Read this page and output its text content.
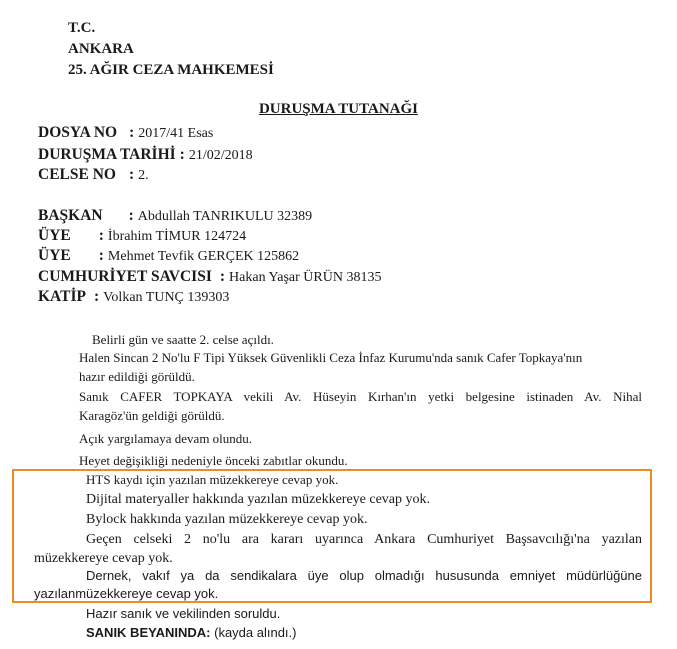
T.C.
ANKARA
25. AĞIR CEZA MAHKEMESİ
DURUŞMA TUTANAĞI
DOSYA NO : 2017/41 Esas
DURUŞMA TARİHİ : 21/02/2018
CELSE NO : 2.
BAŞKAN : Abdullah TANRIKULU 32389
ÜYE : İbrahim TİMUR 124724
ÜYE : Mehmet Tevfik GERÇEK 125862
CUMHURİYET SAVCISI : Hakan Yaşar ÜRÜN 38135
KATİP : Volkan TUNÇ 139303
Belirli gün ve saatte 2. celse açıldı.
Halen Sincan 2 No'lu F Tipi Yüksek Güvenlikli Ceza İnfaz Kurumu'nda sanık Cafer Topkaya'nın
hazır edildiği görüldü.
Sanık CAFER TOPKAYA vekili Av. Hüseyin Kırhan'ın yetki belgesine istinaden Av. Nihal
Karagöz'ün geldiği görüldü.
Açık yargılamaya devam olundu.
Heyet değişikliği nedeniyle önceki zabıtlar okundu.
HTS kaydı için yazılan müzekkereye cevap yok.
Dijital materyaller hakkında yazılan müzekkereye cevap yok.
Bylock hakkında yazılan müzekkereye cevap yok.
Geçen celseki 2 no'lu ara kararı uyarınca Ankara Cumhuriyet Başsavcılığı'na yazılan
müzekkereye cevap yok.
Dernek, vakıf ya da sendikalara üye olup olmadığı hususunda emniyet müdürlüğüne
yazılanmüzekkereye cevap yok.
Hazır sanık ve vekilinden soruldu.
SANIK BEYANINDA: (kayda alındı.)
